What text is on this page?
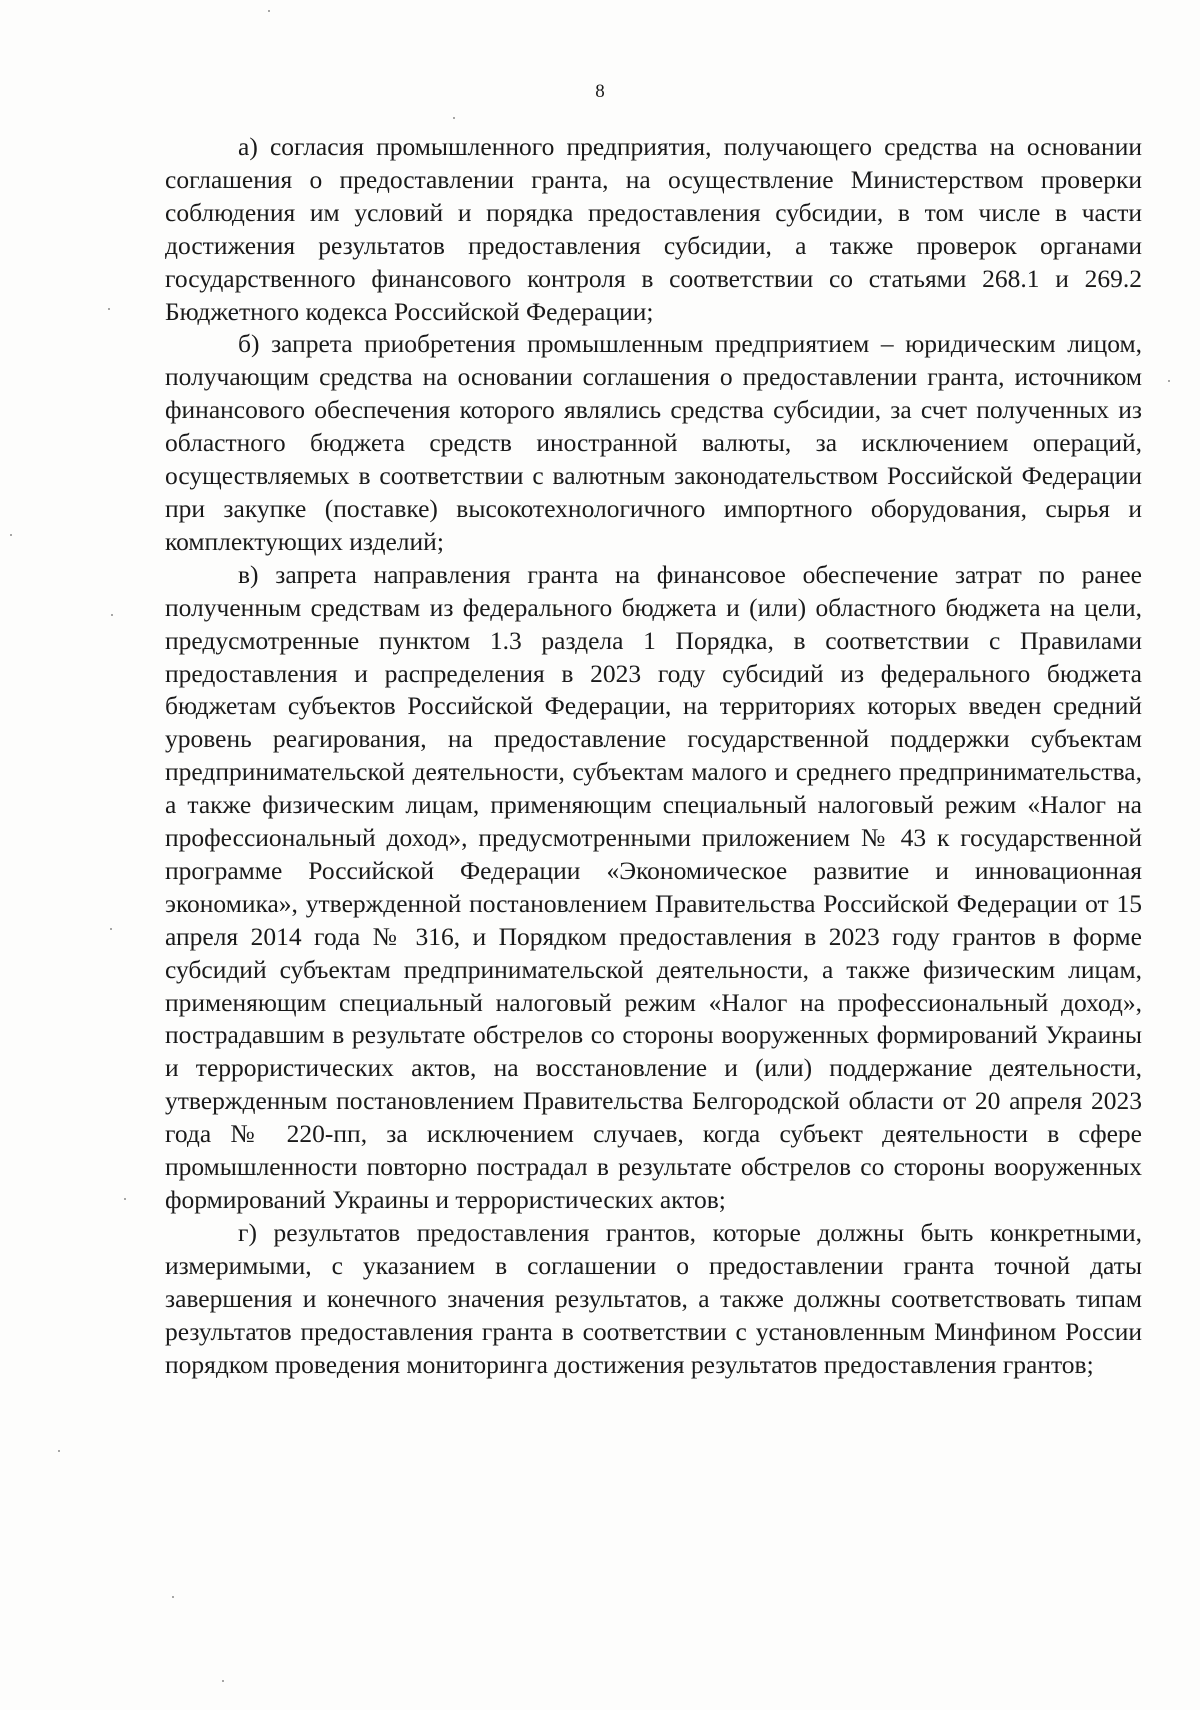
8

а) согласия промышленного предприятия, получающего средства на основании соглашения о предоставлении гранта, на осуществление Министерством проверки соблюдения им условий и порядка предоставления субсидии, в том числе в части достижения результатов предоставления субсидии, а также проверок органами государственного финансового контроля в соответствии со статьями 268.1 и 269.2 Бюджетного кодекса Российской Федерации;

б) запрета приобретения промышленным предприятием – юридическим лицом, получающим средства на основании соглашения о предоставлении гранта, источником финансового обеспечения которого являлись средства субсидии, за счет полученных из областного бюджета средств иностранной валюты, за исключением операций, осуществляемых в соответствии с валютным законодательством Российской Федерации при закупке (поставке) высокотехнологичного импортного оборудования, сырья и комплектующих изделий;

в) запрета направления гранта на финансовое обеспечение затрат по ранее полученным средствам из федерального бюджета и (или) областного бюджета на цели, предусмотренные пунктом 1.3 раздела 1 Порядка, в соответствии с Правилами предоставления и распределения в 2023 году субсидий из федерального бюджета бюджетам субъектов Российской Федерации, на территориях которых введен средний уровень реагирования, на предоставление государственной поддержки субъектам предпринимательской деятельности, субъектам малого и среднего предпринимательства, а также физическим лицам, применяющим специальный налоговый режим «Налог на профессиональный доход», предусмотренными приложением № 43 к государственной программе Российской Федерации «Экономическое развитие и инновационная экономика», утвержденной постановлением Правительства Российской Федерации от 15 апреля 2014 года № 316, и Порядком предоставления в 2023 году грантов в форме субсидий субъектам предпринимательской деятельности, а также физическим лицам, применяющим специальный налоговый режим «Налог на профессиональный доход», пострадавшим в результате обстрелов со стороны вооруженных формирований Украины и террористических актов, на восстановление и (или) поддержание деятельности, утвержденным постановлением Правительства Белгородской области от 20 апреля 2023 года № 220-пп, за исключением случаев, когда субъект деятельности в сфере промышленности повторно пострадал в результате обстрелов со стороны вооруженных формирований Украины и террористических актов;

г) результатов предоставления грантов, которые должны быть конкретными, измеримыми, с указанием в соглашении о предоставлении гранта точной даты завершения и конечного значения результатов, а также должны соответствовать типам результатов предоставления гранта в соответствии с установленным Минфином России порядком проведения мониторинга достижения результатов предоставления грантов;
